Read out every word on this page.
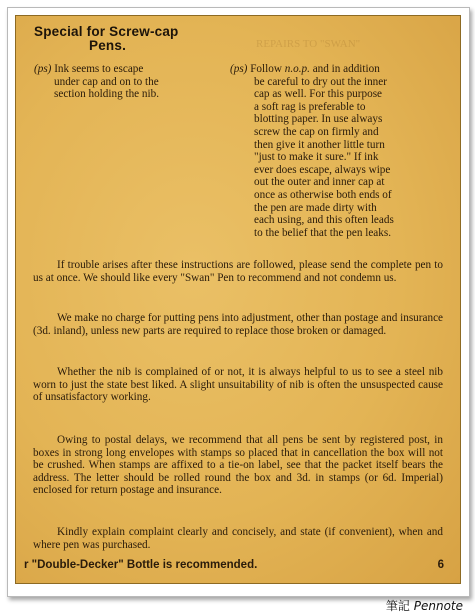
REPAIRS TO "SWAN"
Special for Screw-cap
Pens.
(ps) Ink seems to escape
under cap and on to the
section holding the nib.
(ps) Follow n.o.p. and in addition
be careful to dry out the inner
cap as well. For this purpose
a soft rag is preferable to
blotting paper. In use always
screw the cap on firmly and
then give it another little turn
"just to make it sure." If ink
ever does escape, always wipe
out the outer and inner cap at
once as otherwise both ends of
the pen are made dirty with
each using, and this often leads
to the belief that the pen leaks.

If trouble arises after these instructions are followed, please send the complete pen to us at once. We should like every "Swan" Pen to recommend and not condemn us.

We make no charge for putting pens into adjustment, other than postage and insurance (3d. inland), unless new parts are required to replace those broken or damaged.

Whether the nib is complained of or not, it is always helpful to us to see a steel nib worn to just the state best liked. A slight unsuitability of nib is often the unsuspected cause of unsatisfactory working.

Owing to postal delays, we recommend that all pens be sent by registered post, in boxes in strong long envelopes with stamps so placed that in cancellation the box will not be crushed. When stamps are affixed to a tie-on label, see that the packet itself bears the address. The letter should be rolled round the box and 3d. in stamps (or 6d. Imperial) enclosed for return postage and insurance.

Kindly explain complaint clearly and concisely, and state (if convenient), when and where pen was purchased.

r "Double-Decker" Bottle is recommended.	6
筆記 Pennote
